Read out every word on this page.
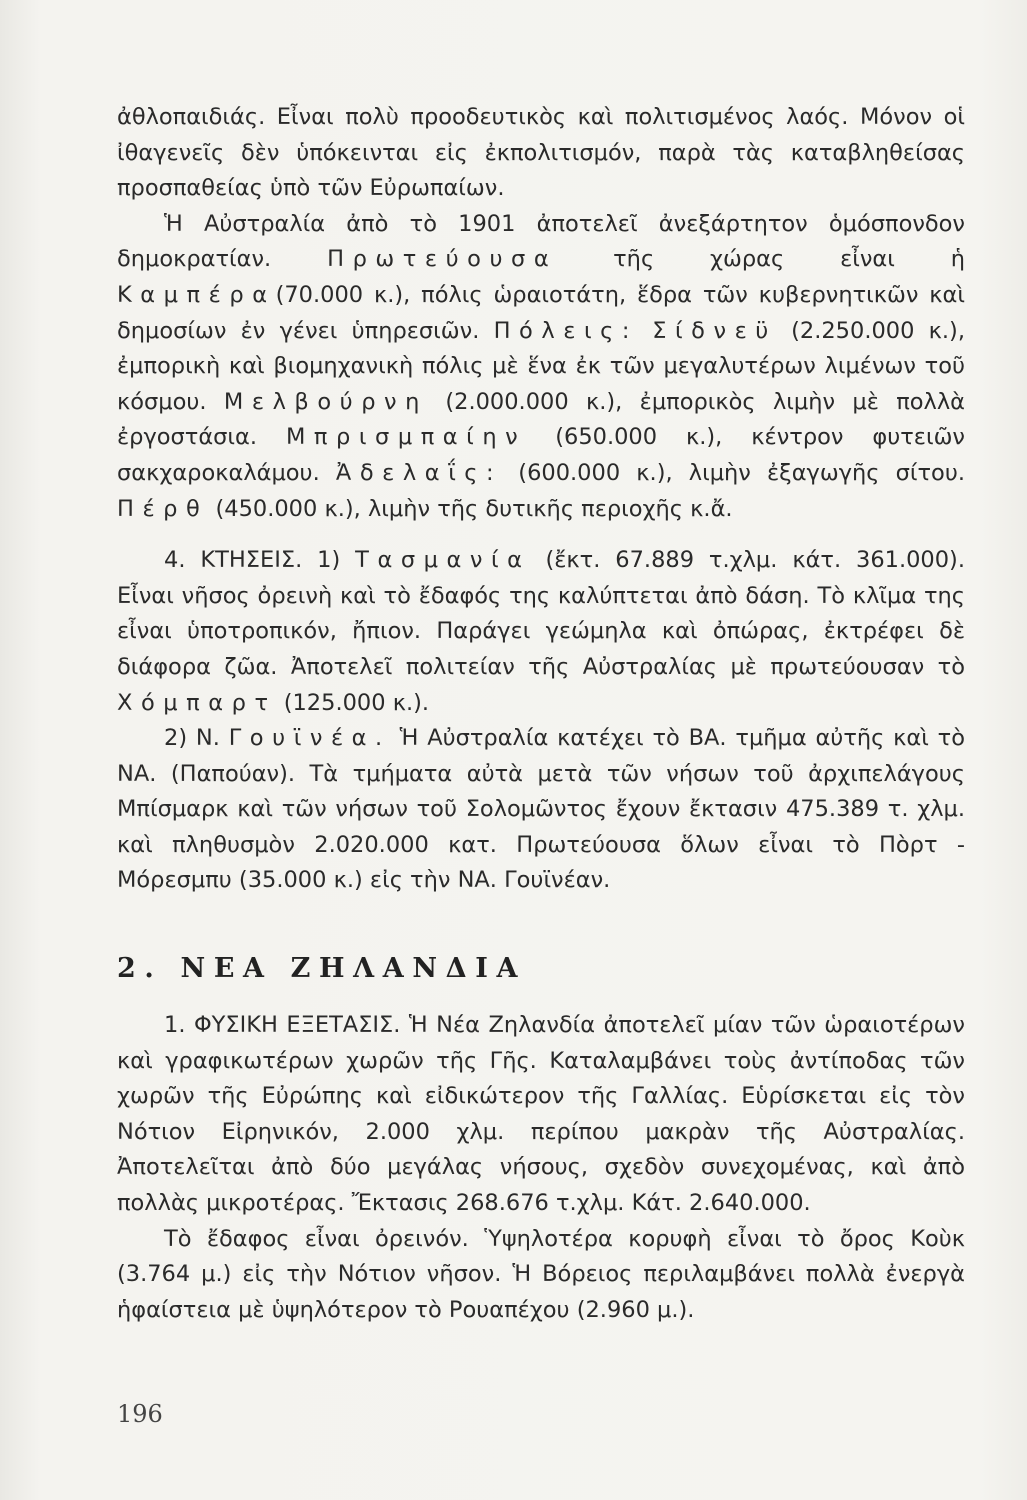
ἀθλοπαιδιάς. Εἶναι πολὺ προοδευτικὸς καὶ πολιτισμένος λαός. Μόνον οἱ ἰθαγενεῖς δὲν ὑπόκεινται εἰς ἐκπολιτισμόν, παρὰ τὰς καταβληθείσας προσπαθείας ὑπὸ τῶν Εὐρωπαίων.

Ἡ Αὐστραλία ἀπὸ τὸ 1901 ἀποτελεῖ ἀνεξάρτητον ὁμόσπονδον δημοκρατίαν. Πρωτεύουσα τῆς χώρας εἶναι ἡ Καμπέρα(70.000 κ.), πόλις ὡραιοτάτη, ἕδρα τῶν κυβερνητικῶν καὶ δημοσίων ἐν γένει ὑπηρεσιῶν. Πόλεις: Σίδνεϋ (2.250.000 κ.), ἐμπορικὴ καὶ βιομηχανικὴ πόλις μὲ ἕνα ἐκ τῶν μεγαλυτέρων λιμένων τοῦ κόσμου. Μελβούρνη (2.000.000 κ.), ἐμπορικὸς λιμὴν μὲ πολλὰ ἐργοστάσια. Μπρισμπαίην (650.000 κ.), κέντρον φυτειῶν σακχαροκαλάμου. Ἀδελαΐς: (600.000 κ.), λιμὴν ἐξαγωγῆς σίτου. Πέρθ (450.000 κ.), λιμὴν τῆς δυτικῆς περιοχῆς κ.ἄ.

4. ΚΤΗΣΕΙΣ. 1) Τασμανία (ἔκτ. 67.889 τ.χλμ. κάτ. 361.000). Εἶναι νῆσος ὀρεινὴ καὶ τὸ ἔδαφός της καλύπτεται ἀπὸ δάση. Τὸ κλῖμα της εἶναι ὑποτροπικόν, ἤπιον. Παράγει γεώμηλα καὶ ὀπώρας, ἐκτρέφει δὲ διάφορα ζῶα. Ἀποτελεῖ πολιτείαν τῆς Αὐστραλίας μὲ πρωτεύουσαν τὸ Χόμπαρτ (125.000 κ.).

2) Ν. Γουϊνέα. Ἡ Αὐστραλία κατέχει τὸ ΒΑ. τμῆμα αὐτῆς καὶ τὸ ΝΑ. (Παπούαν). Τὰ τμήματα αὐτὰ μετὰ τῶν νήσων τοῦ ἀρχιπελάγους Μπίσμαρκ καὶ τῶν νήσων τοῦ Σολομῶντος ἔχουν ἔκτασιν 475.389 τ. χλμ. καὶ πληθυσμὸν 2.020.000 κατ. Πρωτεύουσα ὅλων εἶναι τὸ Πὸρτ - Μόρεσμπυ (35.000 κ.) εἰς τὴν ΝΑ. Γουϊνέαν.

2. ΝΕΑ ΖΗΛΑΝΔΙΑ

1. ΦΥΣΙΚΗ ΕΞΕΤΑΣΙΣ. Ἡ Νέα Ζηλανδία ἀποτελεῖ μίαν τῶν ὡραιοτέρων καὶ γραφικωτέρων χωρῶν τῆς Γῆς. Καταλαμβάνει τοὺς ἀντίποδας τῶν χωρῶν τῆς Εὐρώπης καὶ εἰδικώτερον τῆς Γαλλίας. Εὑρίσκεται εἰς τὸν Νότιον Εἰρηνικόν, 2.000 χλμ. περίπου μακρὰν τῆς Αὐστραλίας. Ἀποτελεῖται ἀπὸ δύο μεγάλας νήσους, σχεδὸν συνεχομένας, καὶ ἀπὸ πολλὰς μικροτέρας. Ἔκτασις 268.676 τ.χλμ. Κάτ. 2.640.000.

Τὸ ἔδαφος εἶναι ὀρεινόν. Ὑψηλοτέρα κορυφὴ εἶναι τὸ ὄρος Κοὺκ (3.764 μ.) εἰς τὴν Νότιον νῆσον. Ἡ Βόρειος περιλαμβάνει πολλὰ ἐνεργὰ ἡφαίστεια μὲ ὑψηλότερον τὸ Ρουαπέχου (2.960 μ.).

196
